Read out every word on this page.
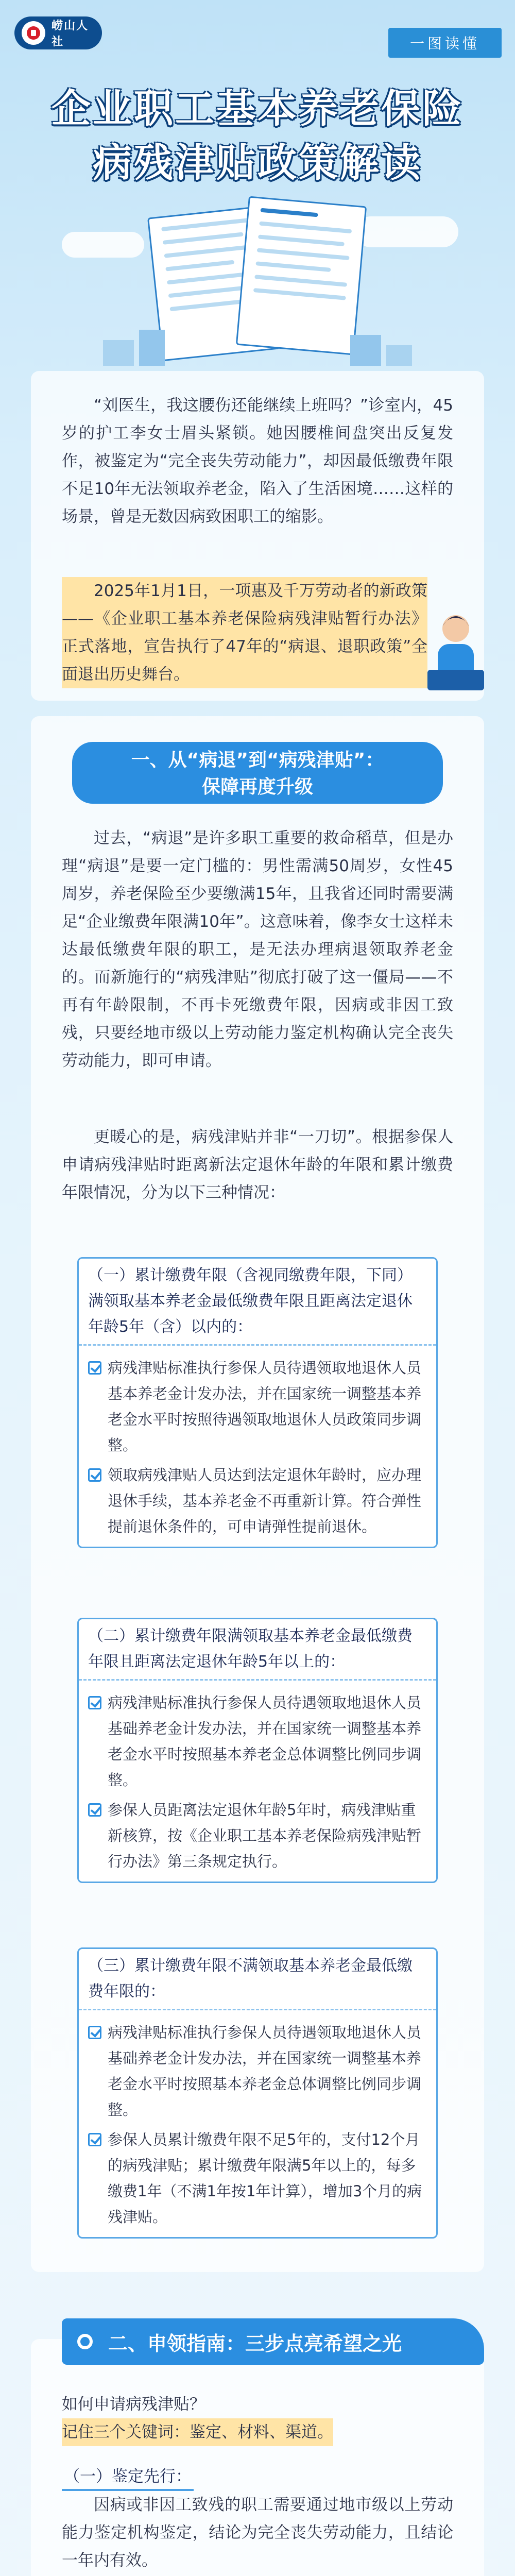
崂山人社	一图读懂
企业职工基本养老保险
病残津贴政策解读

“刘医生，我这腰伤还能继续上班吗？”诊室内，45岁的护工李女士眉头紧锁。她因腰椎间盘突出反复发作，被鉴定为“完全丧失劳动能力”，却因最低缴费年限不足10年无法领取养老金，陷入了生活困境……这样的场景，曾是无数因病致困职工的缩影。

2025年1月1日，一项惠及千万劳动者的新政策——《企业职工基本养老保险病残津贴暂行办法》正式落地，宣告执行了47年的“病退、退职政策”全面退出历史舞台。

一、从“病退”到“病残津贴”：
保障再度升级

过去，“病退”是许多职工重要的救命稻草，但是办理“病退”是要一定门槛的：男性需满50周岁，女性45周岁，养老保险至少要缴满15年，且我省还同时需要满足“企业缴费年限满10年”。这意味着，像李女士这样未达最低缴费年限的职工，是无法办理病退领取养老金的。而新施行的“病残津贴”彻底打破了这一僵局——不再有年龄限制，不再卡死缴费年限，因病或非因工致残，只要经地市级以上劳动能力鉴定机构确认完全丧失劳动能力，即可申请。

更暖心的是，病残津贴并非“一刀切”。根据参保人申请病残津贴时距离新法定退休年龄的年限和累计缴费年限情况，分为以下三种情况：

（一）累计缴费年限（含视同缴费年限，下同）满领取基本养老金最低缴费年限且距离法定退休年龄5年（含）以内的：
病残津贴标准执行参保人员待遇领取地退休人员基本养老金计发办法，并在国家统一调整基本养老金水平时按照待遇领取地退休人员政策同步调整。
领取病残津贴人员达到法定退休年龄时，应办理退休手续，基本养老金不再重新计算。符合弹性提前退休条件的，可申请弹性提前退休。
（二）累计缴费年限满领取基本养老金最低缴费年限且距离法定退休年龄5年以上的：
病残津贴标准执行参保人员待遇领取地退休人员基础养老金计发办法，并在国家统一调整基本养老金水平时按照基本养老金总体调整比例同步调整。
参保人员距离法定退休年龄5年时，病残津贴重新核算，按《企业职工基本养老保险病残津贴暂行办法》第三条规定执行。
（三）累计缴费年限不满领取基本养老金最低缴费年限的：
病残津贴标准执行参保人员待遇领取地退休人员基础养老金计发办法，并在国家统一调整基本养老金水平时按照基本养老金总体调整比例同步调整。
参保人员累计缴费年限不足5年的，支付12个月的病残津贴；累计缴费年限满5年以上的，每多缴费1年（不满1年按1年计算），增加3个月的病残津贴。
二、申领指南：三步点亮希望之光
如何申请病残津贴？
记住三个关键词：鉴定、材料、渠道。
（一）鉴定先行：

因病或非因工致残的职工需要通过地市级以上劳动能力鉴定机构鉴定，结论为完全丧失劳动能力，且结论一年内有效。
